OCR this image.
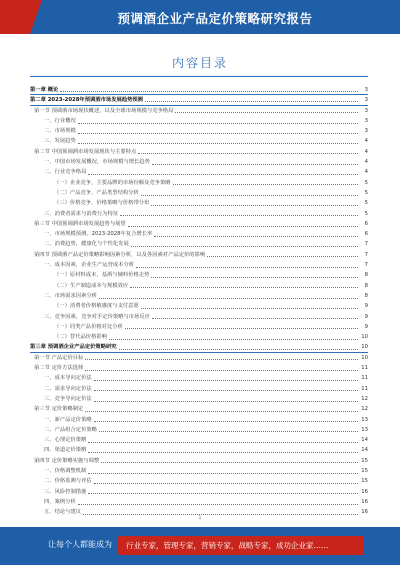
预调酒企业产品定价策略研究报告
内容目录
第一章 概论	3
第二章 2023-2028年预调酒市场发展趋势预测	3
第一节 预调酒市场现状概述，以及全球市场规模与竞争格局	3
一、行业概况	3
二、市场规模	3
三、发展趋势	4
第二节 中国预调酒市场发展现状与主要特点	4
一、中国市场发展概况，市场规模与增长趋势	4
二、行业竞争格局	4
（一）企业竞争，主要品牌的市场份额及竞争策略	5
（二）产品竞争，产品类型结构分析	5
（三）价格竞争，价格策略与价格带分布	5
三、消费者需求与消费行为特征	5
第三节 中国预调酒市场发展趋势与展望	6
一、市场规模预测，2023-2028年复合增长率	6
二、消费趋势，健康化与个性化发展	7
第四节 预调酒产品定价策略影响因素分析，以及各因素对产品定价的影响	7
一、成本因素，企业生产运营成本分析	7
（一）原材料成本，基酒与辅料价格走势	8
（二）生产制造成本与规模效应	8
二、市场需求因素分析	8
（一）消费者价格敏感度与支付意愿	9
三、竞争因素，竞争对手定价策略与市场反应	9
（一）同类产品价格对比分析	9
（二）替代品价格影响	10
第三章 预调酒企业产品定价策略研究	10
第一节 产品定价目标	10
第二节 定价方法选择	11
一、成本导向定价法	11
二、需求导向定价法	11
三、竞争导向定价法	12
第三节 定价策略制定	12
一、新产品定价策略	13
二、产品组合定价策略	13
三、心理定价策略	14
四、渠道定价策略	14
第四节 定价策略实施与调整	15
一、价格调整机制	15
二、价格监测与评估	15
三、风险控制措施	16
四、案例分析	16
五、结论与建议	16
1
让每个人都能成为 行业专家，管理专家，营销专家，战略专家，成功企业家……
